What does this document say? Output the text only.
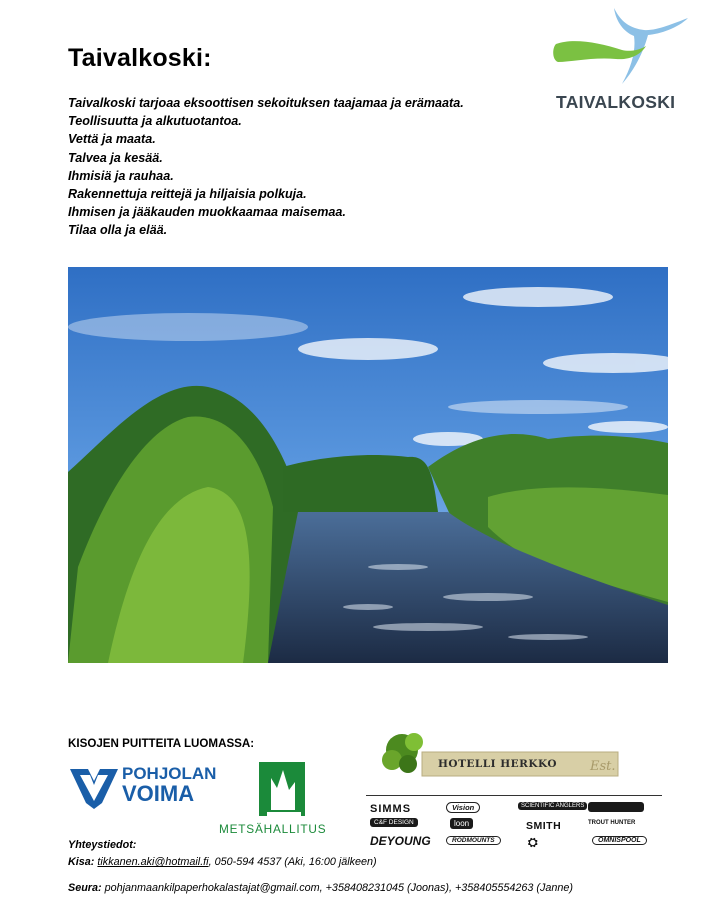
Taivalkoski:
Taivalkoski tarjoaa eksoottisen sekoituksen taajamaa ja erämaata.
Teollisuutta ja alkutuotantoa.
Vettä ja maata.
Talvea ja kesää.
Ihmisiä ja rauhaa.
Rakennettuja reittejä ja hiljaisia polkuja.
Ihmisen ja jääkauden muokkaamaa maisemaa.
Tilaa olla ja elää.
TAIVALKOSKI
KISOJEN PUITTEITA LUOMASSA:
POHJOLAN
VOIMA
METSÄHALLITUS
Est.
HOTELLI HERKKO
SIMMS	Vision	SCIENTIFIC ANGLERS
C&F DESIGN	loon	TROUT HUNTER
DEYOUNG	RODMOUNTS
SMITH
⛭	OMNISPOOL
Yhteystiedot:
Kisa: tikkanen.aki@hotmail.fi, 050-594 4537 (Aki, 16:00 jälkeen)
Seura: pohjanmaankilpaperhokalastajat@gmail.com, +358408231045 (Joonas), +358405554263 (Janne)
